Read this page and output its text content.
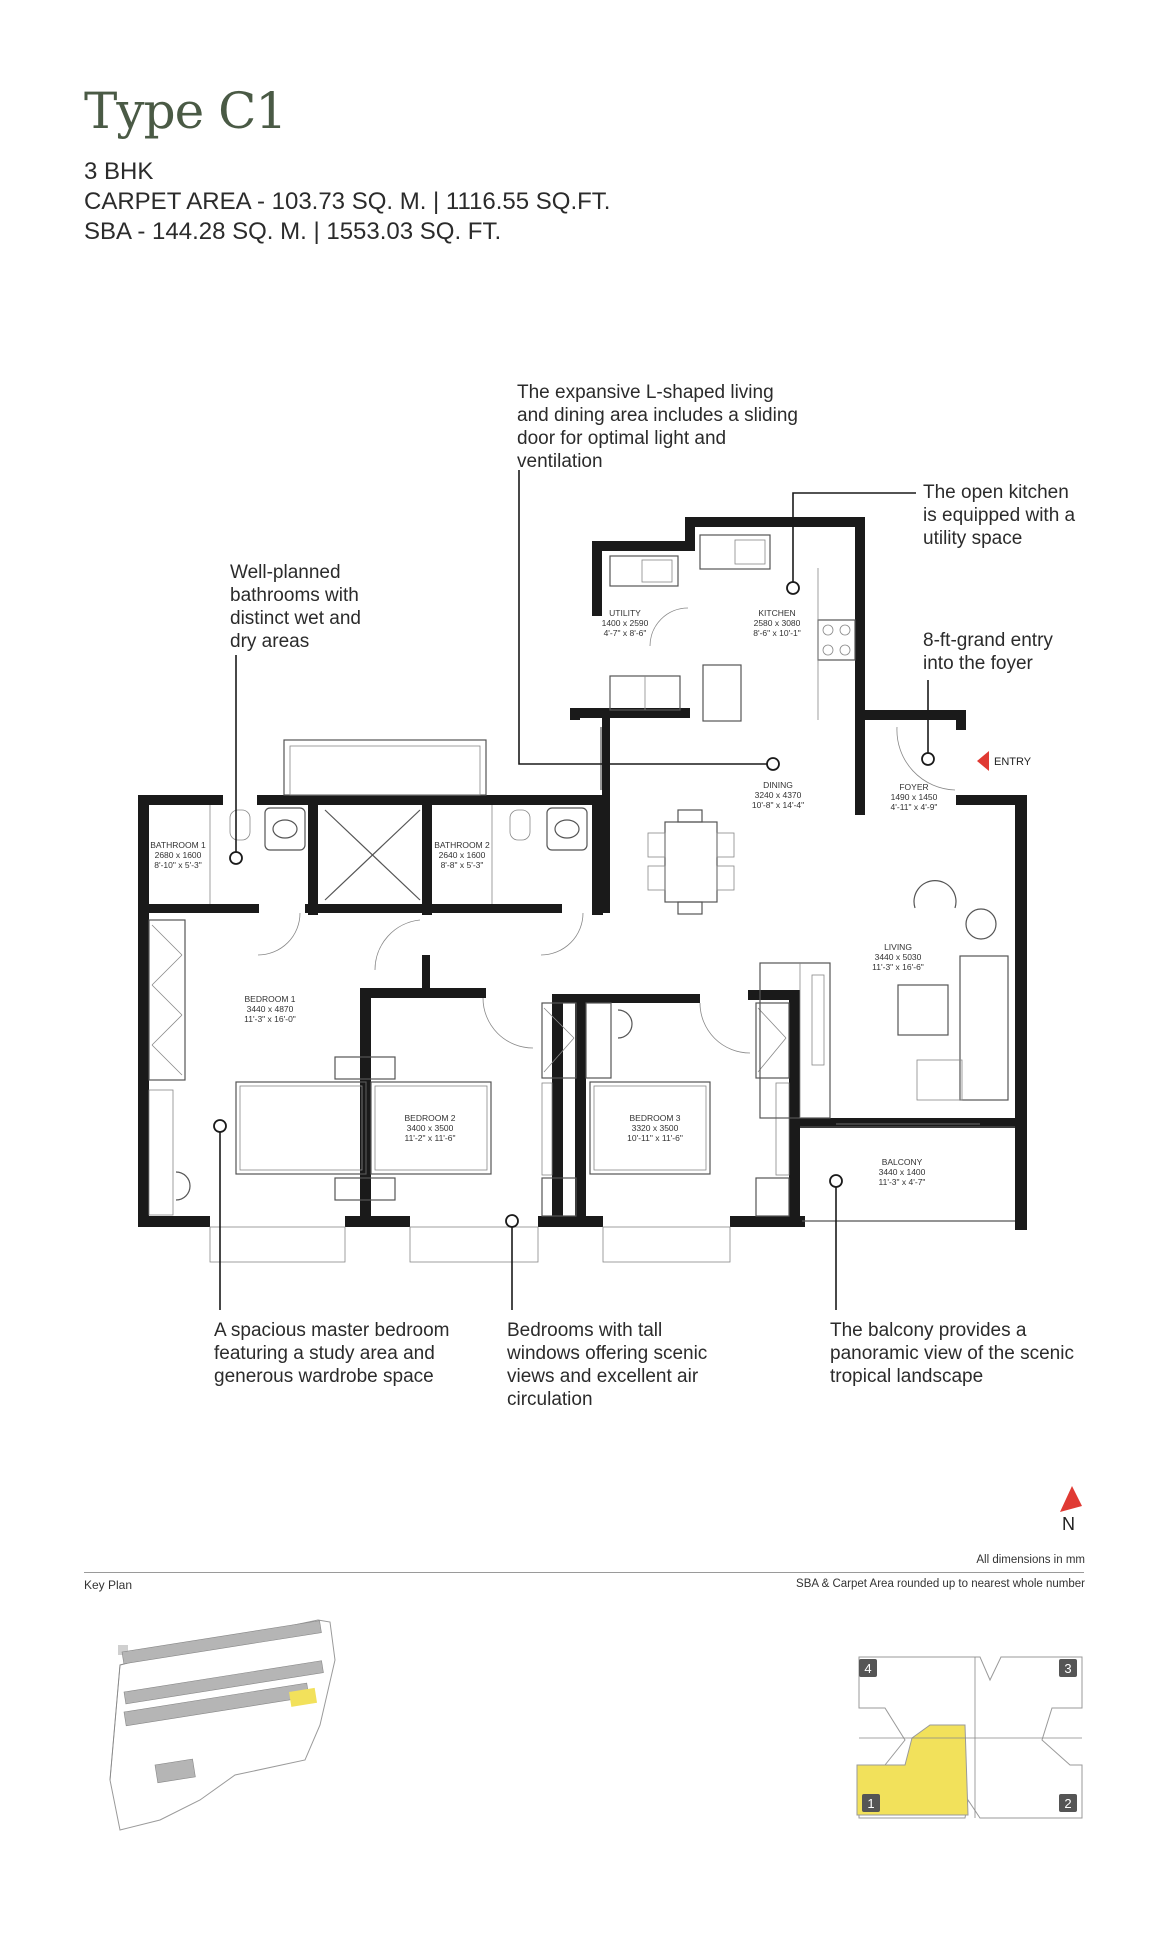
Type C1
3 BHK
CARPET AREA - 103.73 SQ. M. | 1116.55 SQ.FT.
SBA - 144.28 SQ. M. | 1553.03 SQ. FT.
UTILITY
1400 x 2590
4'-7" x 8'-6"
KITCHEN
2580 x 3080
8'-6" x 10'-1"
DINING
3240 x 4370
10'-8" x 14'-4"
FOYER
1490 x 1450
4'-11" x 4'-9"
BATHROOM 1
2680 x 1600
8'-10" x 5'-3"
BATHROOM 2
2640 x 1600
8'-8" x 5'-3"
LIVING
3440 x 5030
11'-3" x 16'-6"
BEDROOM 1
3440 x 4870
11'-3" x 16'-0"
BEDROOM 2
3400 x 3500
11'-2" x 11'-6"
BEDROOM 3
3320 x 3500
10'-11" x 11'-6"
BALCONY
3440 x 1400
11'-3" x 4'-7"
ENTRY
N
4	3
1	2
The expansive L-shaped living and dining area includes a sliding door for optimal light and ventilation
The open kitchen is equipped with a utility space
Well-planned bathrooms with distinct wet and dry areas	8-ft-grand entry into the foyer
A spacious master bedroom featuring a study area and generous wardrobe space
Bedrooms with tall windows offering scenic views and excellent air circulation
The balcony provides a panoramic view of the scenic tropical landscape
All dimensions in mm
Key Plan	SBA & Carpet Area rounded up to nearest whole number
